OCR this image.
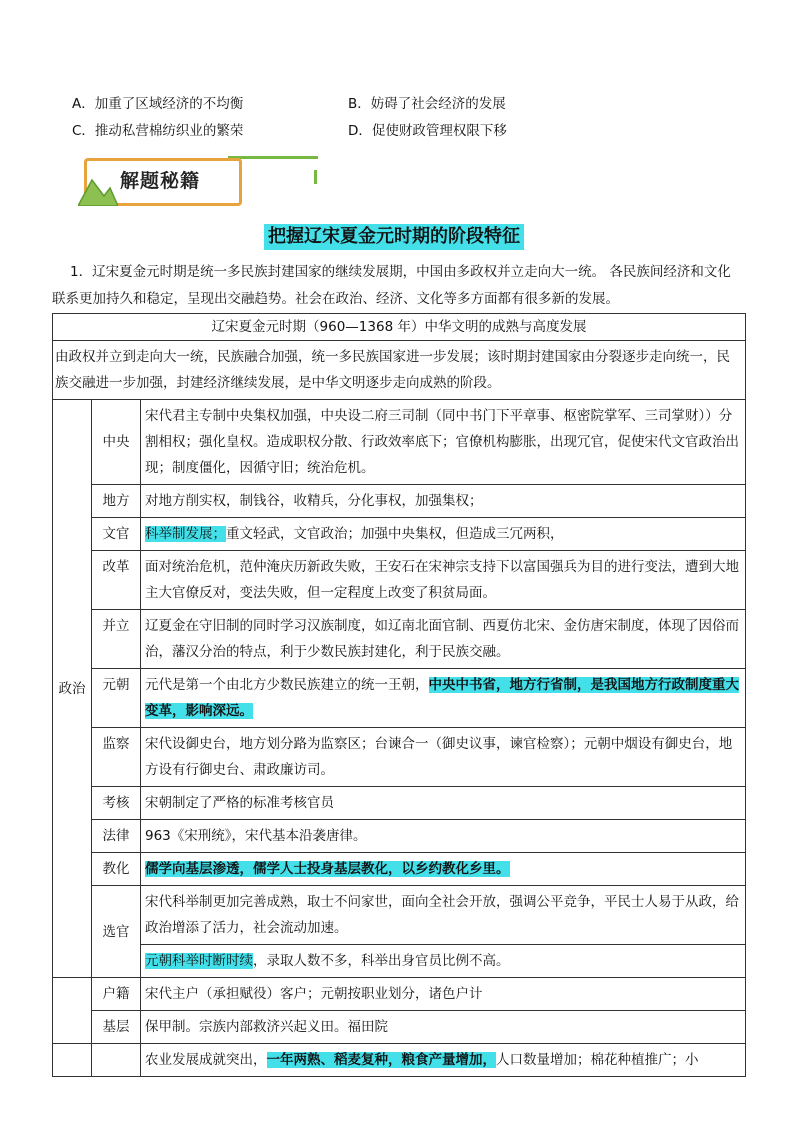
A．加重了区域经济的不均衡	B．妨碍了社会经济的发展
C．推动私营棉纺织业的繁荣	D．促使财政管理权限下移
解题秘籍
把握辽宋夏金元时期的阶段特征
1．辽宋夏金元时期是统一多民族封建国家的继续发展期，中国由多政权并立走向大一统。 各民族间经济和文化联系更加持久和稳定，呈现出交融趋势。社会在政治、经济、文化等多方面都有很多新的发展。
辽宋夏金元时期（960—1368 年）中华文明的成熟与高度发展		
由政权并立到走向大一统，民族融合加强，统一多民族国家进一步发展；该时期封建国家由分裂逐步走向统一，民族交融进一步加强，封建经济继续发展，是中华文明逐步走向成熟的阶段。		
政治	中央	宋代君主专制中央集权加强，中央设二府三司制（同中书门下平章事、枢密院掌军、三司掌财））分割相权；强化皇权。造成职权分散、行政效率底下；官僚机构膨胀，出现冗官，促使宋代文官政治出现；制度僵化，因循守旧；统治危机。
	地方	对地方削实权，制钱谷，收精兵，分化事权，加强集权；
	文官	科举制发展；重文轻武，文官政治；加强中央集权，但造成三冗两积，
	改革	面对统治危机，范仲淹庆历新政失败，王安石在宋神宗支持下以富国强兵为目的进行变法，遭到大地主大官僚反对，变法失败，但一定程度上改变了积贫局面。
	并立	辽夏金在守旧制的同时学习汉族制度，如辽南北面官制、西夏仿北宋、金仿唐宋制度，体现了因俗而治，藩汉分治的特点，利于少数民族封建化，利于民族交融。
	元朝	元代是第一个由北方少数民族建立的统一王朝，中央中书省，地方行省制，是我国地方行政制度重大变革，影响深远。
	监察	宋代设御史台，地方划分路为监察区；台谏合一（御史议事，谏官检察）；元朝中烟设有御史台，地方设有行御史台、肃政廉访司。
	考核	宋朝制定了严格的标准考核官员
	法律	963《宋刑统》，宋代基本沿袭唐律。
	教化	儒学向基层渗透，儒学人士投身基层教化，以乡约教化乡里。
	选官	宋代科举制更加完善成熟，取士不问家世，面向全社会开放，强调公平竞争，平民士人易于从政，给政治增添了活力，社会流动加速。
元朝科举时断时续，录取人数不多，科举出身官员比例不高。

	户籍	宋代主户（承担赋役）客户；元朝按职业划分，诸色户计
	基层	保甲制。宗族内部救济兴起义田。福田院
		农业发展成就突出，一年两熟、稻麦复种，粮食产量增加，人口数量增加；棉花种植推广；小
